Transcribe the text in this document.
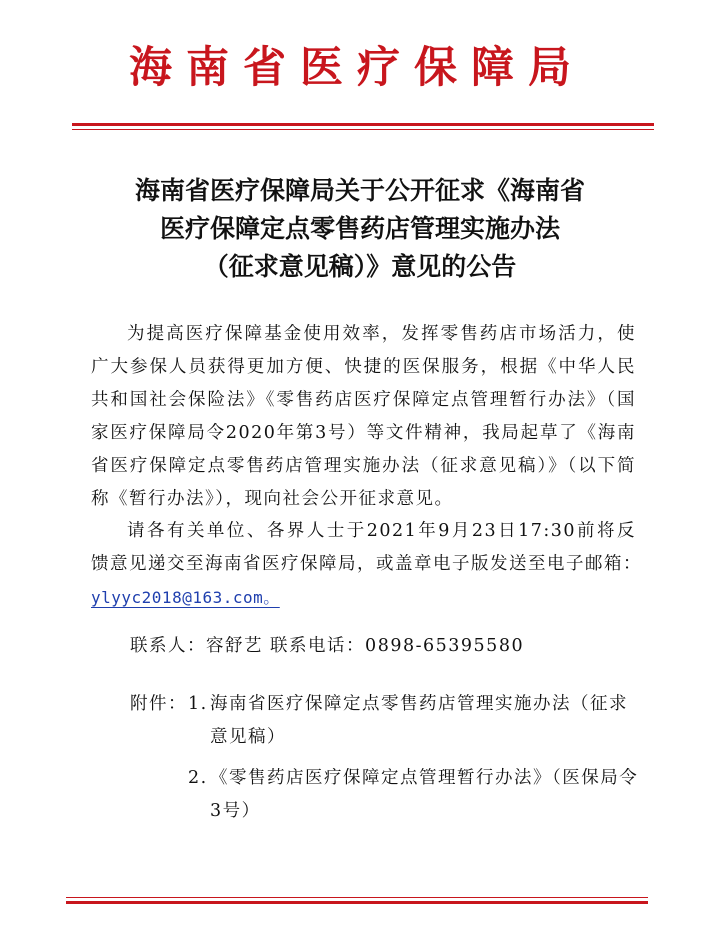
海南省医疗保障局
海南省医疗保障局关于公开征求《海南省
医疗保障定点零售药店管理实施办法
（征求意见稿）》意见的公告
为提高医疗保障基金使用效率，发挥零售药店市场活力，使
广大参保人员获得更加方便、快捷的医保服务，根据《中华人民
共和国社会保险法》《零售药店医疗保障定点管理暂行办法》（国
家医疗保障局令2020年第3号）等文件精神，我局起草了《海南
省医疗保障定点零售药店管理实施办法（征求意见稿）》（以下简
称《暂行办法》），现向社会公开征求意见。
请各有关单位、各界人士于2021年9月23日17:30前将反
馈意见递交至海南省医疗保障局，或盖章电子版发送至电子邮箱：
ylyyc2018@163.com。
联系人：容舒艺 联系电话：0898-65395580
附件： 1. 海南省医疗保障定点零售药店管理实施办法（征求意见稿）
2. 《零售药店医疗保障定点管理暂行办法》（医保局令3号）
